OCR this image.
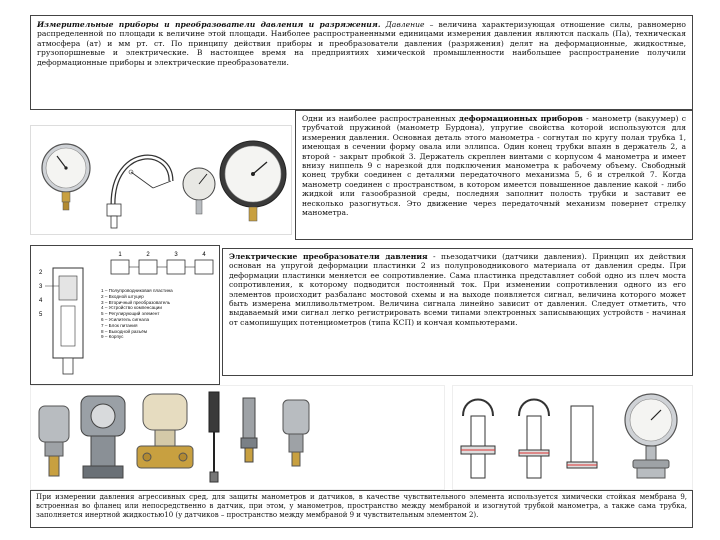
Измерительные приборы и преобразователи давления и разряжения. Давление – величина характеризующая отношение силы, равномерно распределенной по площади к величине этой площади. Наиболее распространенными единицами измерения давления являются паскаль (Па), техническая атмосфера (ат) и мм рт. ст. По принципу действия приборы и преобразователи давления (разряжения) делят на деформационные, жидкостные, грузопоршневые и электрические. В настоящее время на предприятиях химической промышленности наибольшее распространение получили деформационные приборы и электрические преобразователи.

Одни из наиболее распространенных деформационных приборов - манометр (вакуумер) с трубчатой пружиной (манометр Бурдона), упругие свойства которой используются для измерения давления. Основная деталь этого манометра - согнутая по кругу полая трубка 1, имеющая в сечении форму овала или эллипса. Один конец трубки впаян в держатель 2, а второй - закрыт пробкой 3. Держатель скреплен винтами с корпусом 4 манометра и имеет внизу ниппель 9 с нарезкой для подключения манометра к рабочему объему. Свободный конец трубки соединен с деталями передаточного механизма 5, 6 и стрелкой 7. Когда манометр соединен с пространством, в котором имеется повышенное давление какой - либо жидкой или газообразной среды, последняя заполнит полость трубки и заставит ее несколько разогнуться. Это движение через передаточный механизм повернет стрелку манометра.

1	2	3	4
2
3
4
5
1 – Полупроводниковая пластина
2 – Входной штуцер
3 – Вторичный преобразователь
4 – Устройство компенсации
5 – Регулирующий элемент
6 – Усилитель сигнала
7 – Блок питания
8 – Выходной разъём
9 – Корпус

Электрические преобразователи давления - пьезодатчики (датчики давления). Принцип их действия основан на упругой деформации пластинки 2 из полупроводникового материала от давления среды. При деформации пластинки меняется ее сопротивление. Сама пластинка представляет собой одно из плеч моста сопротивления, к которому подводится постоянный ток. При изменении сопротивления одного из его элементов происходит разбаланс мостовой схемы и на выходе появляется сигнал, величина которого может быть измерена милливольтметром. Величина сигнала линейно зависит от давления. Следует отметить, что выдаваемый ими сигнал легко регистрировать всеми типами электронных записывающих устройств - начиная от самопишущих потенциометров (типа КСП) и кончая компьютерами.

При измерении давления агрессивных сред, для защиты манометров и датчиков, в качестве чувствительного элемента используется химически стойкая мембрана 9, встроенная во фланец или непосредственно в датчик, при этом, у манометров, пространство между мембраной и изогнутой трубкой манометра, а также сама трубка, заполняется инертной жидкостью10 (у датчиков – пространство между мембраной 9 и чувствительным элементом 2).
